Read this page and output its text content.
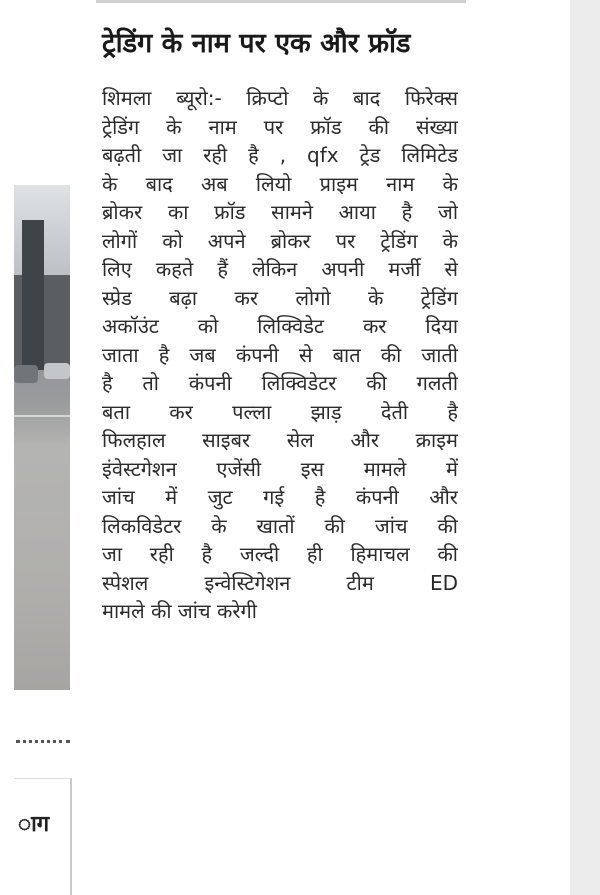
ाग
ट्रेडिंग के नाम पर एक और फ्रॉड
शिमला ब्यूरो:- क्रिप्टो के बाद फिरेक्स
ट्रेडिंग के नाम पर फ्रॉड की संख्या
बढ़ती जा रही है , qfx ट्रेड लिमिटेड
के बाद अब लियो प्राइम नाम के
ब्रोकर का फ्रॉड सामने आया है जो
लोगों को अपने ब्रोकर पर ट्रेडिंग के
लिए कहते हैं लेकिन अपनी मर्जी से
स्प्रेड बढ़ा कर लोगो के ट्रेडिंग
अकॉउंट को लिक्विडेट कर दिया
जाता है जब कंपनी से बात की जाती
है तो कंपनी लिक्विडेटर की गलती
बता कर पल्ला झाड़ देती है
फिलहाल साइबर सेल और क्राइम
इंवेस्टगेशन एजेंसी इस मामले में
जांच में जुट गई है कंपनी और
लिकविडेटर के खातों की जांच की
जा रही है जल्दी ही हिमाचल की
स्पेशल इन्वेस्टिगेशन टीम ED
मामले की जांच करेगी
